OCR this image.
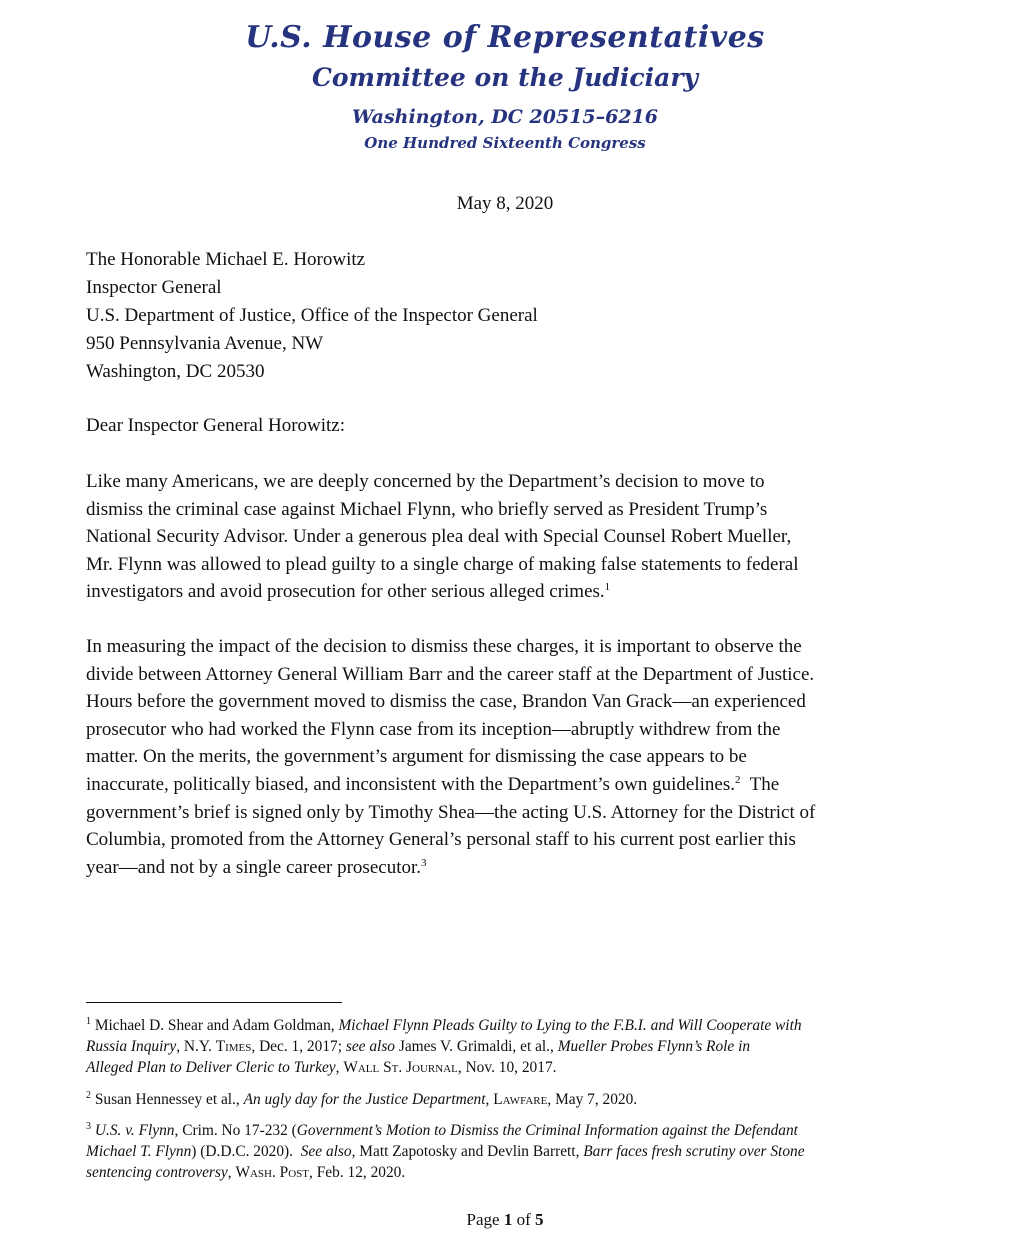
U.S. House of Representatives
Committee on the Judiciary
Washington, DC 20515–6216
One Hundred Sixteenth Congress
May 8, 2020
The Honorable Michael E. Horowitz
Inspector General
U.S. Department of Justice, Office of the Inspector General
950 Pennsylvania Avenue, NW
Washington, DC 20530
Dear Inspector General Horowitz:
Like many Americans, we are deeply concerned by the Department’s decision to move to
dismiss the criminal case against Michael Flynn, who briefly served as President Trump’s
National Security Advisor. Under a generous plea deal with Special Counsel Robert Mueller,
Mr. Flynn was allowed to plead guilty to a single charge of making false statements to federal
investigators and avoid prosecution for other serious alleged crimes.$^1$
In measuring the impact of the decision to dismiss these charges, it is important to observe the
divide between Attorney General William Barr and the career staff at the Department of Justice.
Hours before the government moved to dismiss the case, Brandon Van Grack—an experienced
prosecutor who had worked the Flynn case from its inception—abruptly withdrew from the
matter. On the merits, the government’s argument for dismissing the case appears to be
inaccurate, politically biased, and inconsistent with the Department’s own guidelines.$^2$  The
government’s brief is signed only by Timothy Shea—the acting U.S. Attorney for the District of
Columbia, promoted from the Attorney General’s personal staff to his current post earlier this
year—and not by a single career prosecutor.$^3$
$^1$ Michael D. Shear and Adam Goldman, Michael Flynn Pleads Guilty to Lying to the F.B.I. and Will Cooperate with
Russia Inquiry, N.Y. Times, Dec. 1, 2017; see also James V. Grimaldi, et al., Mueller Probes Flynn’s Role in
Alleged Plan to Deliver Cleric to Turkey, Wall St. Journal, Nov. 10, 2017.
$^2$ Susan Hennessey et al., An ugly day for the Justice Department, Lawfare, May 7, 2020.
$^3$ U.S. v. Flynn, Crim. No 17-232 (Government’s Motion to Dismiss the Criminal Information against the Defendant
Michael T. Flynn) (D.D.C. 2020).  See also, Matt Zapotosky and Devlin Barrett, Barr faces fresh scrutiny over Stone
sentencing controversy, Wash. Post, Feb. 12, 2020.
Page 1 of 5
